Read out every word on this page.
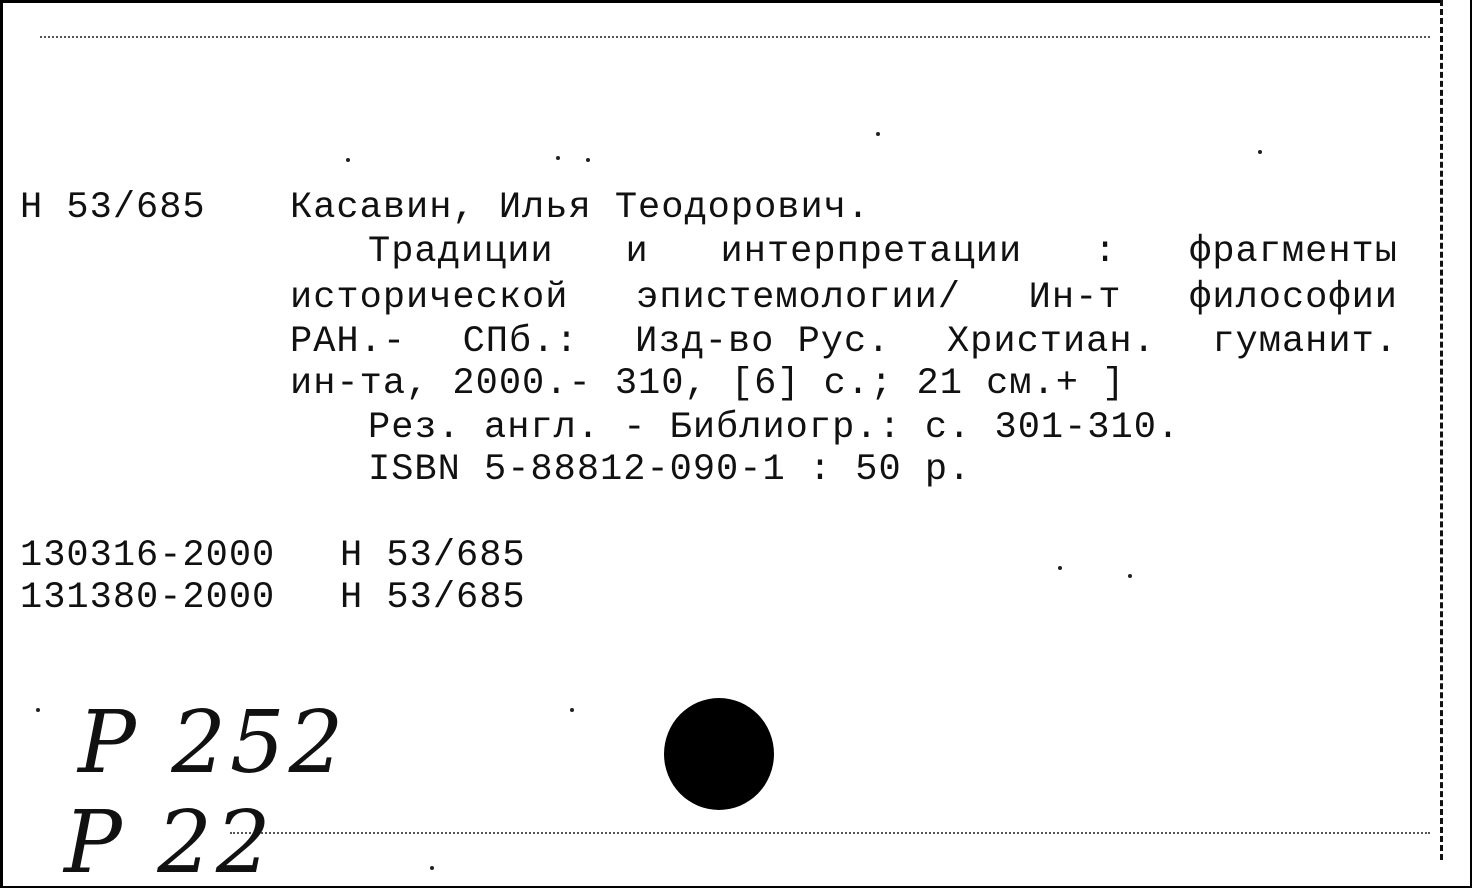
Н 53/685 Касавин, Илья Теодорович.

Традиции и интерпретации : фрагменты
исторической эпистемологии/ Ин-т философии
РАН.- СПб.: Изд-во Рус. Христиан. гуманит.

ин-та, 2000.- 310, [6] с.; 21 см.+ ]

Рез. англ. - Библиогр.: с. 301-310.

ISBN 5-88812-090-1 : 50 р.

130316-2000 Н 53/685

131380-2000 Н 53/685

Р 252
Р 22
